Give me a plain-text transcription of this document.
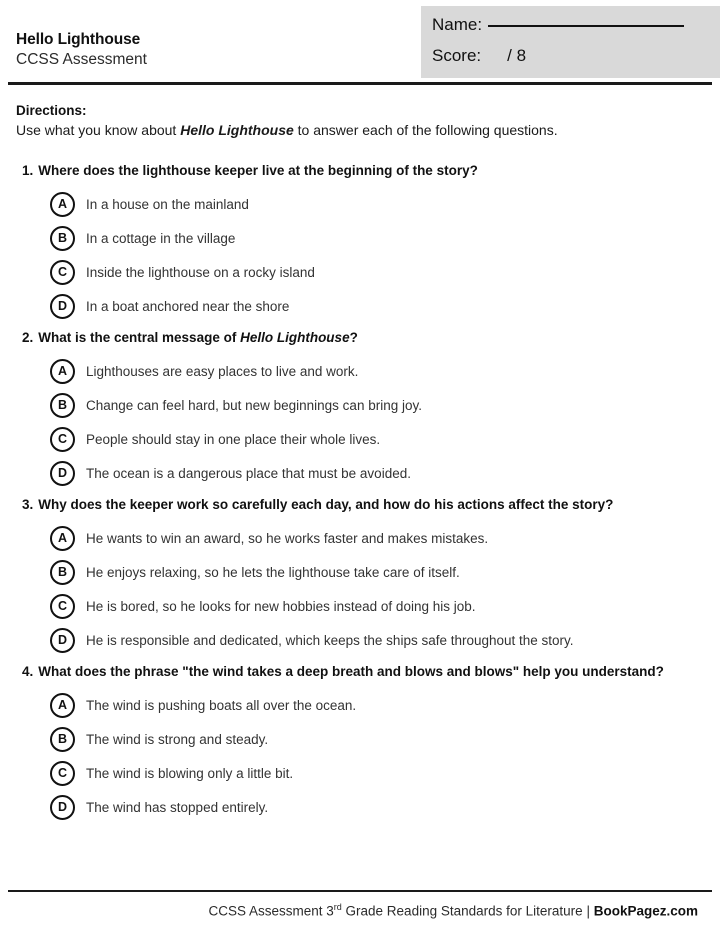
Hello Lighthouse
CCSS Assessment
Name:
Score: / 8
Directions:
Use what you know about Hello Lighthouse to answer each of the following questions.
1. Where does the lighthouse keeper live at the beginning of the story?
A	In a house on the mainland
B	In a cottage in the village
C	Inside the lighthouse on a rocky island
D	In a boat anchored near the shore
2. What is the central message of Hello Lighthouse?
A	Lighthouses are easy places to live and work.
B	Change can feel hard, but new beginnings can bring joy.
C	People should stay in one place their whole lives.
D	The ocean is a dangerous place that must be avoided.
3. Why does the keeper work so carefully each day, and how do his actions affect the story?
A	He wants to win an award, so he works faster and makes mistakes.
B	He enjoys relaxing, so he lets the lighthouse take care of itself.
C	He is bored, so he looks for new hobbies instead of doing his job.
D	He is responsible and dedicated, which keeps the ships safe throughout the story.
4. What does the phrase "the wind takes a deep breath and blows and blows" help you understand?
A	The wind is pushing boats all over the ocean.
B	The wind is strong and steady.
C	The wind is blowing only a little bit.
D	The wind has stopped entirely.
CCSS Assessment 3rd Grade Reading Standards for Literature | BookPagez.com
